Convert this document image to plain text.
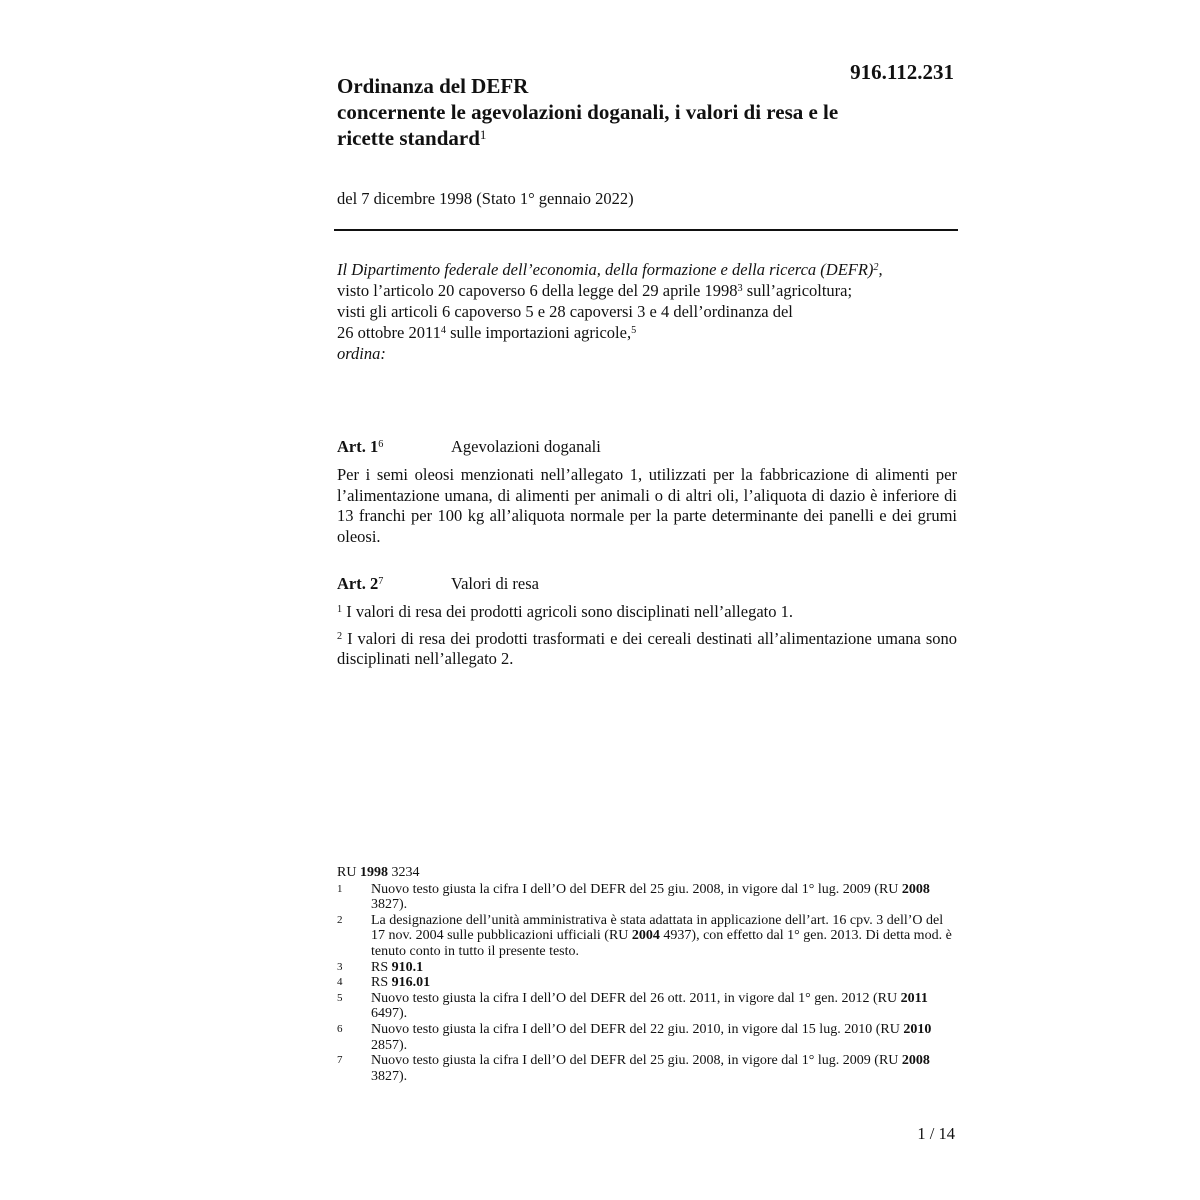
916.112.231
Ordinanza del DEFR
concernente le agevolazioni doganali, i valori di resa e le
ricette standard$^1$
del 7 dicembre 1998 (Stato 1° gennaio 2022)
Il Dipartimento federale dell’economia, della formazione e della ricerca (DEFR)$^2$,
visto l’articolo 20 capoverso 6 della legge del 29 aprile 1998$^3$ sull’agricoltura;
visti gli articoli 6 capoverso 5 e 28 capoversi 3 e 4 dell’ordinanza del
26 ottobre 2011$^4$ sulle importazioni agricole,$^5$
ordina:
Art. $1^6$	Agevolazioni doganali
Per i semi oleosi menzionati nell’allegato 1, utilizzati per la fabbricazione di alimenti per l’alimentazione umana, di alimenti per animali o di altri oli, l’aliquota di dazio è inferiore di 13 franchi per 100 kg all’aliquota normale per la parte determinante dei panelli e dei grumi oleosi.
Art. $2^7$	Valori di resa
$^1$ I valori di resa dei prodotti agricoli sono disciplinati nell’allegato 1.
$^2$ I valori di resa dei prodotti trasformati e dei cereali destinati all’alimentazione umana sono disciplinati nell’allegato 2.
RU 1998 3234
1	Nuovo testo giusta la cifra I dell’O del DEFR del 25 giu. 2008, in vigore dal 1° lug. 2009 (RU 2008 3827).
2	La designazione dell’unità amministrativa è stata adattata in applicazione dell’art. 16 cpv. 3 dell’O del 17 nov. 2004 sulle pubblicazioni ufficiali (RU 2004 4937), con effetto dal 1° gen. 2013. Di detta mod. è tenuto conto in tutto il presente testo.
3	RS 910.1
4	RS 916.01
5	Nuovo testo giusta la cifra I dell’O del DEFR del 26 ott. 2011, in vigore dal 1° gen. 2012 (RU 2011 6497).
6	Nuovo testo giusta la cifra I dell’O del DEFR del 22 giu. 2010, in vigore dal 15 lug. 2010 (RU 2010 2857).
7	Nuovo testo giusta la cifra I dell’O del DEFR del 25 giu. 2008, in vigore dal 1° lug. 2009 (RU 2008 3827).
1 / 14
